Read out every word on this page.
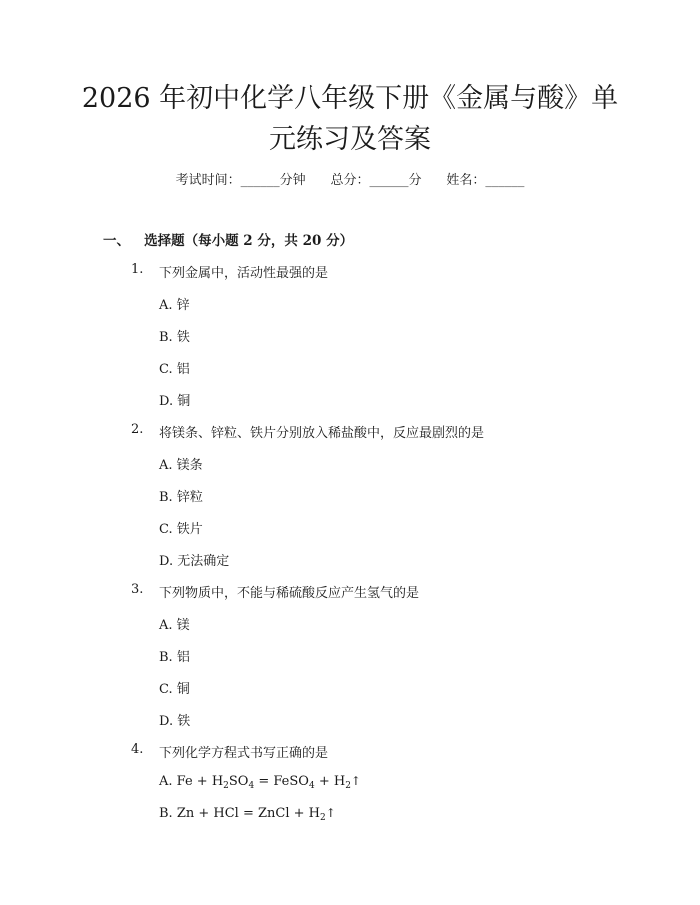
2026 年初中化学八年级下册《金属与酸》单
元练习及答案
考试时间：______分钟 总分：______分 姓名：______
一、 选择题（每小题 2 分，共 20 分）
1. 下列金属中，活动性最强的是
A. 锌
B. 铁
C. 铝
D. 铜
2. 将镁条、锌粒、铁片分别放入稀盐酸中，反应最剧烈的是
A. 镁条
B. 锌粒
C. 铁片
D. 无法确定
3. 下列物质中，不能与稀硫酸反应产生氢气的是
A. 镁
B. 铝
C. 铜
D. 铁
4. 下列化学方程式书写正确的是
A. $Fe + H_2SO_4$ = FeSO$_4$ + $H_2↑$
B. Zn + HCl = ZnCl + $H_2↑$
